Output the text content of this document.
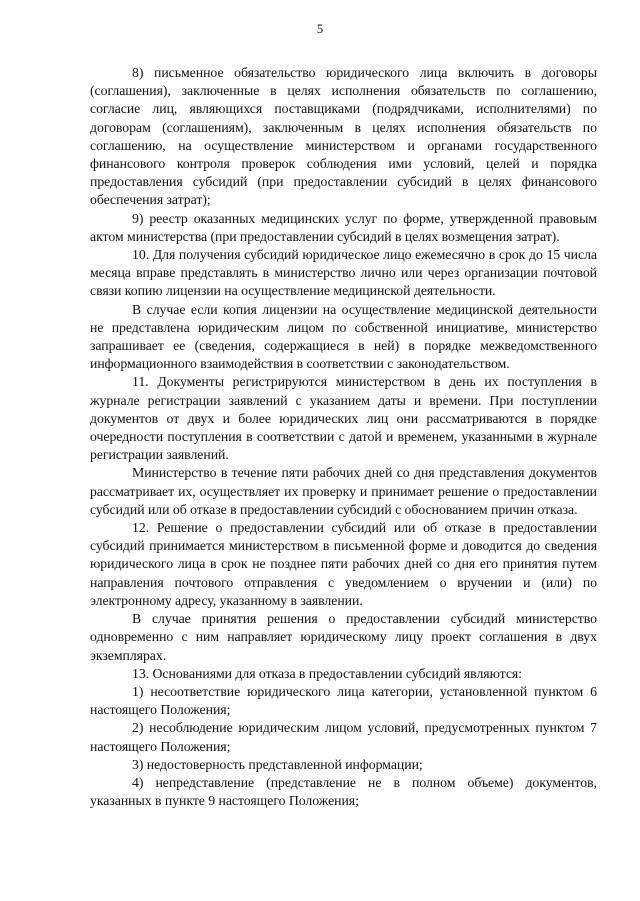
5

8) письменное обязательство юридического лица включить в договоры (соглашения), заключенные в целях исполнения обязательств по соглашению, согласие лиц, являющихся поставщиками (подрядчиками, исполнителями) по договорам (соглашениям), заключенным в целях исполнения обязательств по соглашению, на осуществление министерством и органами государственного финансового контроля проверок соблюдения ими условий, целей и порядка предоставления субсидий (при предоставлении субсидий в целях финансового обеспечения затрат);

9) реестр оказанных медицинских услуг по форме, утвержденной правовым актом министерства (при предоставлении субсидий в целях возмещения затрат).

10. Для получения субсидий юридическое лицо ежемесячно в срок до 15 числа месяца вправе представлять в министерство лично или через организации почтовой связи копию лицензии на осуществление медицинской деятельности.

В случае если копия лицензии на осуществление медицинской деятельности не представлена юридическим лицом по собственной инициативе, министерство запрашивает ее (сведения, содержащиеся в ней) в порядке межведомственного информационного взаимодействия в соответствии с законодательством.

11. Документы регистрируются министерством в день их поступления в журнале регистрации заявлений с указанием даты и времени. При поступлении документов от двух и более юридических лиц они рассматриваются в порядке очередности поступления в соответствии с датой и временем, указанными в журнале регистрации заявлений.

Министерство в течение пяти рабочих дней со дня представления документов рассматривает их, осуществляет их проверку и принимает решение о предоставлении субсидий или об отказе в предоставлении субсидий с обоснованием причин отказа.

12. Решение о предоставлении субсидий или об отказе в предоставлении субсидий принимается министерством в письменной форме и доводится до сведения юридического лица в срок не позднее пяти рабочих дней со дня его принятия путем направления почтового отправления с уведомлением о вручении и (или) по электронному адресу, указанному в заявлении.

В случае принятия решения о предоставлении субсидий министерство одновременно с ним направляет юридическому лицу проект соглашения в двух экземплярах.

13. Основаниями для отказа в предоставлении субсидий являются:

1) несоответствие юридического лица категории, установленной пунктом 6 настоящего Положения;

2) несоблюдение юридическим лицом условий, предусмотренных пунктом 7 настоящего Положения;

3) недостоверность представленной информации;

4) непредставление (представление не в полном объеме) документов, указанных в пункте 9 настоящего Положения;
